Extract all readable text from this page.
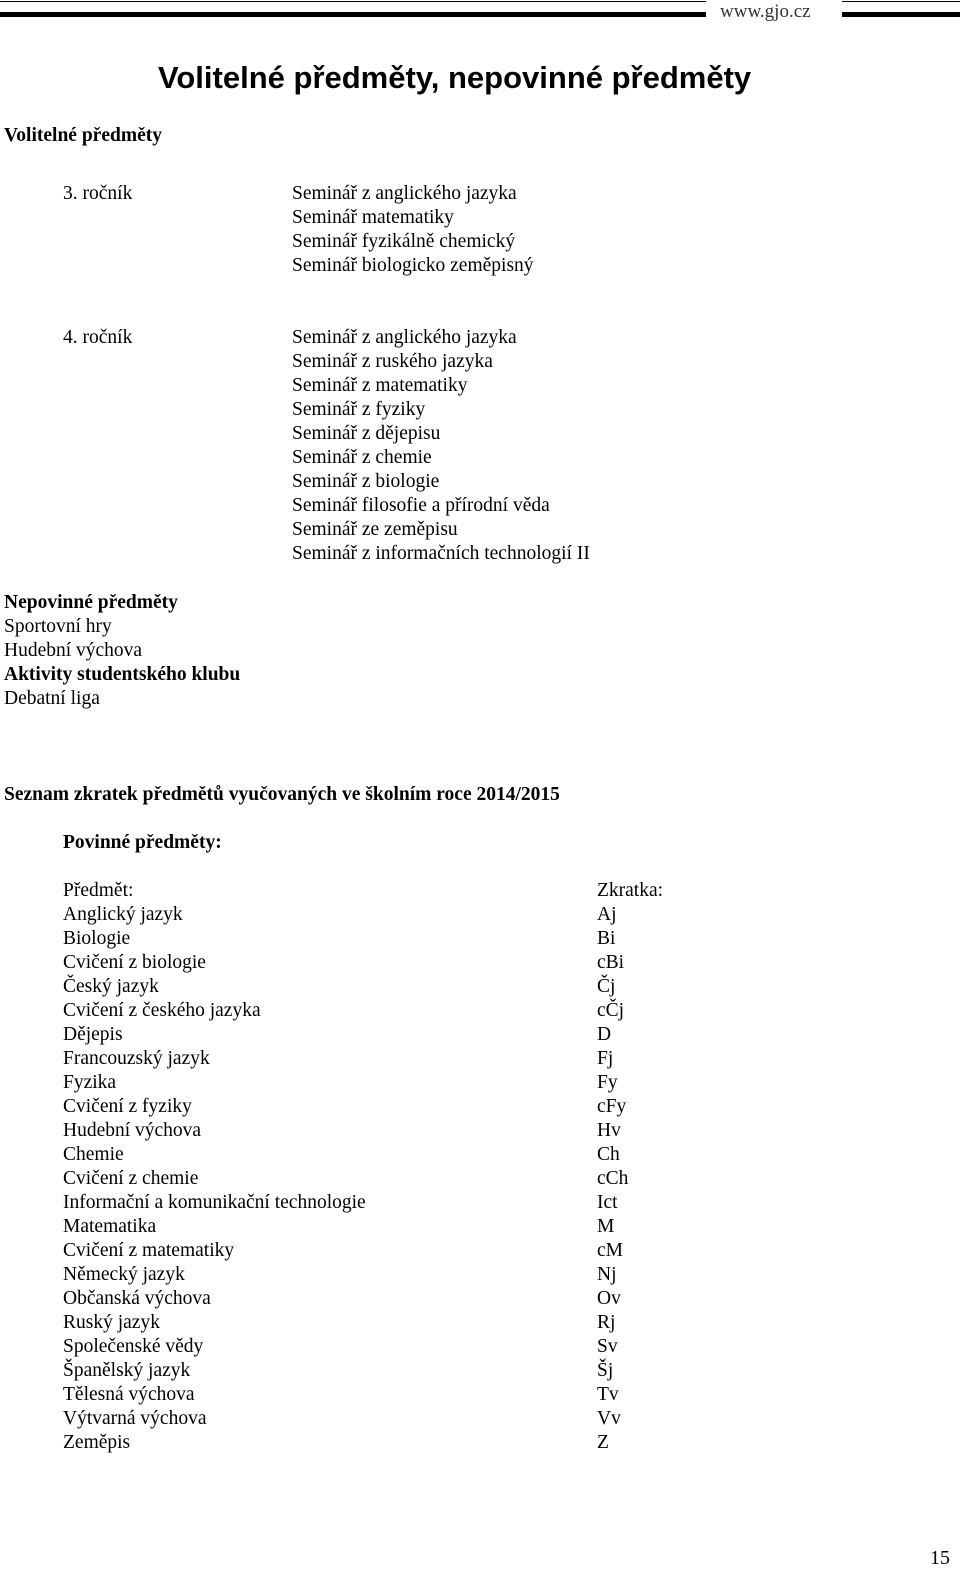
www.gjo.cz
Volitelné předměty, nepovinné předměty
Volitelné předměty
3. ročník	Seminář z anglického jazyka
Seminář matematiky
Seminář fyzikálně chemický
Seminář biologicko zeměpisný
4. ročník	Seminář z anglického jazyka
Seminář z ruského jazyka
Seminář z matematiky
Seminář z fyziky
Seminář z dějepisu
Seminář z chemie
Seminář z biologie
Seminář filosofie a přírodní věda
Seminář ze zeměpisu
Seminář z informačních technologií II
Nepovinné předměty
Sportovní hry
Hudební výchova
Aktivity studentského klubu
Debatní liga
Seznam zkratek předmětů vyučovaných ve školním roce 2014/2015
Povinné předměty:
Předmět:
Anglický jazyk
Biologie
Cvičení z biologie
Český jazyk
Cvičení z českého jazyka
Dějepis
Francouzský jazyk
Fyzika
Cvičení z fyziky
Hudební výchova
Chemie
Cvičení z chemie
Informační a komunikační technologie
Matematika
Cvičení z matematiky
Německý jazyk
Občanská výchova
Ruský jazyk
Společenské vědy
Španělský jazyk
Tělesná výchova
Výtvarná výchova
Zeměpis
Zkratka:
Aj
Bi
cBi
Čj
cČj
D
Fj
Fy
cFy
Hv
Ch
cCh
Ict
M
cM
Nj
Ov
Rj
Sv
Šj
Tv
Vv
Z
15
